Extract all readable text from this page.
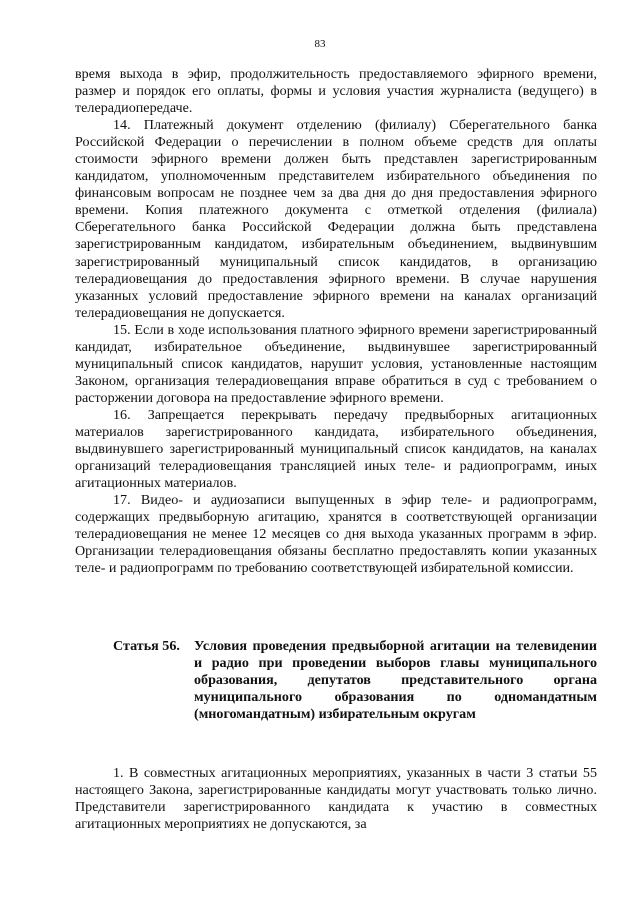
83

время выхода в эфир, продолжительность предоставляемого эфирного времени, размер и порядок его оплаты, формы и условия участия журналиста (ведущего) в телерадиопередаче.

14. Платежный документ отделению (филиалу) Сберегательного банка Российской Федерации о перечислении в полном объеме средств для оплаты стоимости эфирного времени должен быть представлен зарегистрированным кандидатом, уполномоченным представителем избирательного объединения по финансовым вопросам не позднее чем за два дня до дня предоставления эфирного времени. Копия платежного документа с отметкой отделения (филиала) Сберегательного банка Российской Федерации должна быть представлена зарегистрированным кандидатом, избирательным объединением, выдвинувшим зарегистрированный муниципальный список кандидатов, в организацию телерадиовещания до предоставления эфирного времени. В случае нарушения указанных условий предоставление эфирного времени на каналах организаций телерадиовещания не допускается.

15. Если в ходе использования платного эфирного времени зарегистрированный кандидат, избирательное объединение, выдвинувшее зарегистрированный муниципальный список кандидатов, нарушит условия, установленные настоящим Законом, организация телерадиовещания вправе обратиться в суд с требованием о расторжении договора на предоставление эфирного времени.

16. Запрещается перекрывать передачу предвыборных агитационных материалов зарегистрированного кандидата, избирательного объединения, выдвинувшего зарегистрированный муниципальный список кандидатов, на каналах организаций телерадиовещания трансляцией иных теле- и радиопрограмм, иных агитационных материалов.

17. Видео- и аудиозаписи выпущенных в эфир теле- и радиопрограмм, содержащих предвыборную агитацию, хранятся в соответствующей организации телерадиовещания не менее 12 месяцев со дня выхода указанных программ в эфир. Организации телерадиовещания обязаны бесплатно предоставлять копии указанных теле- и радиопрограмм по требованию соответствующей избирательной комиссии.

Статья 56. Условия проведения предвыборной агитации на телевидении и радио при проведении выборов главы муниципального образования, депутатов представительного органа муниципального образования по одномандатным (многомандатным) избирательным округам

1. В совместных агитационных мероприятиях, указанных в части 3 статьи 55 настоящего Закона, зарегистрированные кандидаты могут участвовать только лично. Представители зарегистрированного кандидата к участию в совместных агитационных мероприятиях не допускаются, за
